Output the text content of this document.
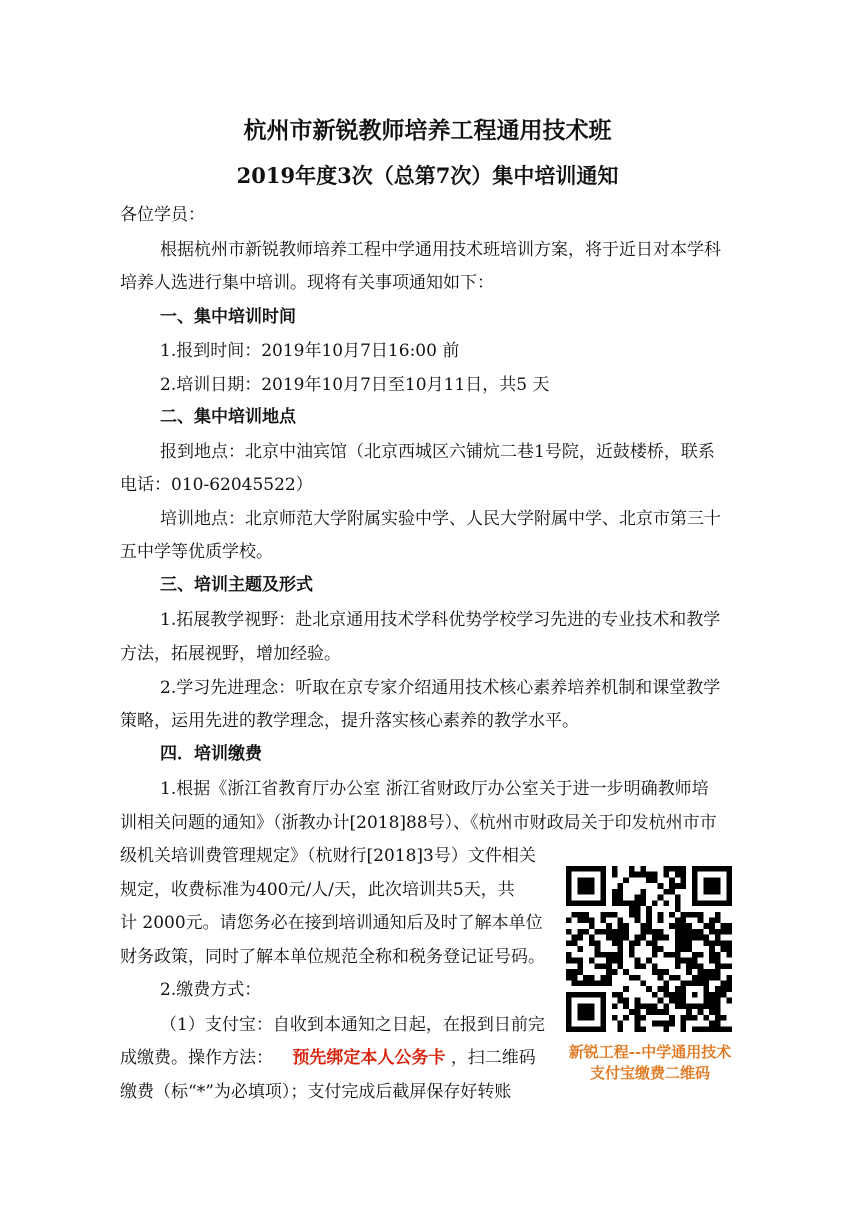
杭州市新锐教师培养工程通用技术班
2019年度3次（总第7次）集中培训通知
各位学员：
根据杭州市新锐教师培养工程中学通用技术班培训方案，将于近日对本学科
培养人选进行集中培训。现将有关事项通知如下：
一、集中培训时间
1.报到时间：2019年10月7日16:00 前
2.培训日期：2019年10月7日至10月11日，共5 天
二、集中培训地点
报到地点：北京中油宾馆（北京西城区六铺炕二巷1号院，近鼓楼桥，联系
电话：010-62045522）
培训地点：北京师范大学附属实验中学、人民大学附属中学、北京市第三十
五中学等优质学校。
三、培训主题及形式
1.拓展教学视野：赴北京通用技术学科优势学校学习先进的专业技术和教学
方法，拓展视野，增加经验。
2.学习先进理念：听取在京专家介绍通用技术核心素养培养机制和课堂教学
策略，运用先进的教学理念，提升落实核心素养的教学水平。
四．培训缴费
1.根据《浙江省教育厅办公室 浙江省财政厅办公室关于进一步明确教师培
训相关问题的通知》（浙教办计[2018]88号）、《杭州市财政局关于印发杭州市市
级机关培训费管理规定》（杭财行[2018]3号）文件相关
规定，收费标准为400元/人/天，此次培训共5天，共
计 2000元。请您务必在接到培训通知后及时了解本单位
财务政策，同时了解本单位规范全称和税务登记证号码。
2.缴费方式：
（1）支付宝：自收到本通知之日起，在报到日前完
成缴费。操作方法： 预先绑定本人公务卡 ，扫二维码
缴费（标“*”为必填项）；支付完成后截屏保存好转账
新锐工程--中学通用技术
支付宝缴费二维码
